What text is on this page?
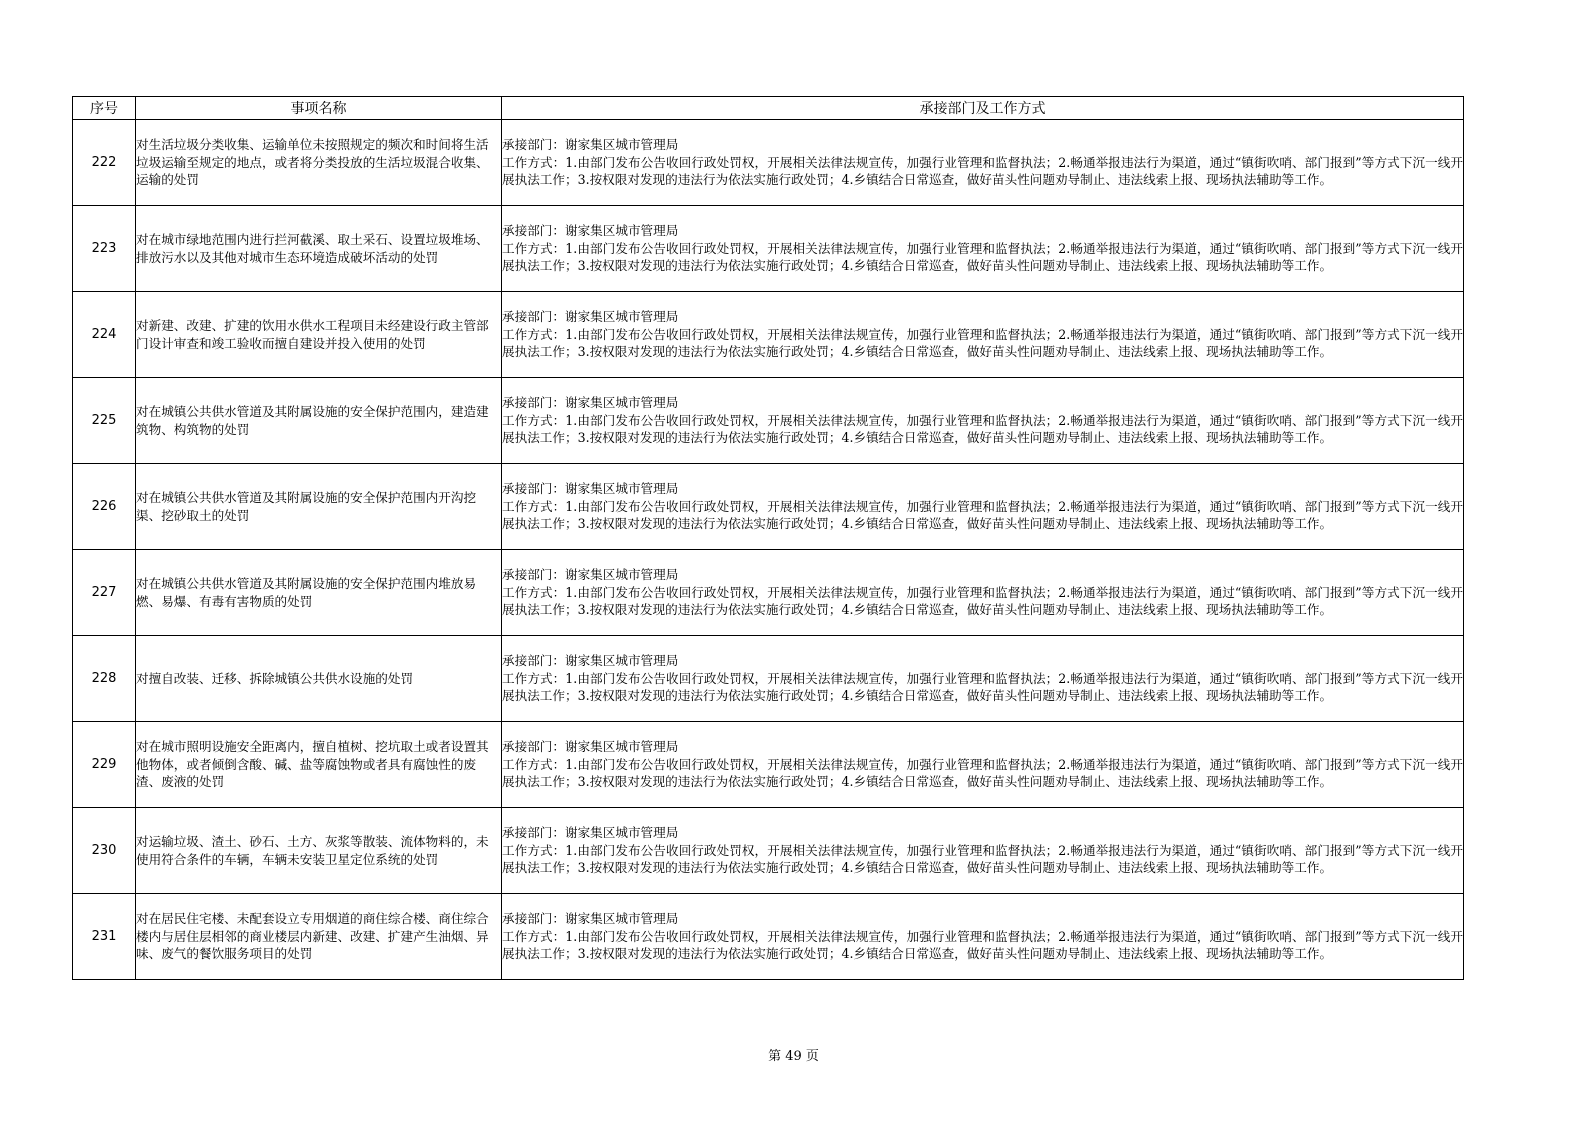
序号	事项名称	承接部门及工作方式
222	对生活垃圾分类收集、运输单位未按照规定的频次和时间将生活垃圾运输至规定的地点，或者将分类投放的生活垃圾混合收集、运输的处罚	承接部门：谢家集区城市管理局
工作方式：1.由部门发布公告收回行政处罚权，开展相关法律法规宣传，加强行业管理和监督执法；2.畅通举报违法行为渠道，通过“镇街吹哨、部门报到”等方式下沉一线开展执法工作；3.按权限对发现的违法行为依法实施行政处罚；4.乡镇结合日常巡查，做好苗头性问题劝导制止、违法线索上报、现场执法辅助等工作。

223	对在城市绿地范围内进行拦河截溪、取土采石、设置垃圾堆场、排放污水以及其他对城市生态环境造成破坏活动的处罚	承接部门：谢家集区城市管理局
工作方式：1.由部门发布公告收回行政处罚权，开展相关法律法规宣传，加强行业管理和监督执法；2.畅通举报违法行为渠道，通过“镇街吹哨、部门报到”等方式下沉一线开展执法工作；3.按权限对发现的违法行为依法实施行政处罚；4.乡镇结合日常巡查，做好苗头性问题劝导制止、违法线索上报、现场执法辅助等工作。

224	对新建、改建、扩建的饮用水供水工程项目未经建设行政主管部门设计审查和竣工验收而擅自建设并投入使用的处罚	承接部门：谢家集区城市管理局
工作方式：1.由部门发布公告收回行政处罚权，开展相关法律法规宣传，加强行业管理和监督执法；2.畅通举报违法行为渠道，通过“镇街吹哨、部门报到”等方式下沉一线开展执法工作；3.按权限对发现的违法行为依法实施行政处罚；4.乡镇结合日常巡查，做好苗头性问题劝导制止、违法线索上报、现场执法辅助等工作。

225	对在城镇公共供水管道及其附属设施的安全保护范围内，建造建筑物、构筑物的处罚	承接部门：谢家集区城市管理局
工作方式：1.由部门发布公告收回行政处罚权，开展相关法律法规宣传，加强行业管理和监督执法；2.畅通举报违法行为渠道，通过“镇街吹哨、部门报到”等方式下沉一线开展执法工作；3.按权限对发现的违法行为依法实施行政处罚；4.乡镇结合日常巡查，做好苗头性问题劝导制止、违法线索上报、现场执法辅助等工作。

226	对在城镇公共供水管道及其附属设施的安全保护范围内开沟挖渠、挖砂取土的处罚	承接部门：谢家集区城市管理局
工作方式：1.由部门发布公告收回行政处罚权，开展相关法律法规宣传，加强行业管理和监督执法；2.畅通举报违法行为渠道，通过“镇街吹哨、部门报到”等方式下沉一线开展执法工作；3.按权限对发现的违法行为依法实施行政处罚；4.乡镇结合日常巡查，做好苗头性问题劝导制止、违法线索上报、现场执法辅助等工作。

227	对在城镇公共供水管道及其附属设施的安全保护范围内堆放易燃、易爆、有毒有害物质的处罚	承接部门：谢家集区城市管理局
工作方式：1.由部门发布公告收回行政处罚权，开展相关法律法规宣传，加强行业管理和监督执法；2.畅通举报违法行为渠道，通过“镇街吹哨、部门报到”等方式下沉一线开展执法工作；3.按权限对发现的违法行为依法实施行政处罚；4.乡镇结合日常巡查，做好苗头性问题劝导制止、违法线索上报、现场执法辅助等工作。

228	对擅自改装、迁移、拆除城镇公共供水设施的处罚	承接部门：谢家集区城市管理局
工作方式：1.由部门发布公告收回行政处罚权，开展相关法律法规宣传，加强行业管理和监督执法；2.畅通举报违法行为渠道，通过“镇街吹哨、部门报到”等方式下沉一线开展执法工作；3.按权限对发现的违法行为依法实施行政处罚；4.乡镇结合日常巡查，做好苗头性问题劝导制止、违法线索上报、现场执法辅助等工作。

229	对在城市照明设施安全距离内，擅自植树、挖坑取土或者设置其他物体，或者倾倒含酸、碱、盐等腐蚀物或者具有腐蚀性的废渣、废液的处罚	承接部门：谢家集区城市管理局
工作方式：1.由部门发布公告收回行政处罚权，开展相关法律法规宣传，加强行业管理和监督执法；2.畅通举报违法行为渠道，通过“镇街吹哨、部门报到”等方式下沉一线开展执法工作；3.按权限对发现的违法行为依法实施行政处罚；4.乡镇结合日常巡查，做好苗头性问题劝导制止、违法线索上报、现场执法辅助等工作。

230	对运输垃圾、渣土、砂石、土方、灰浆等散装、流体物料的，未使用符合条件的车辆，车辆未安装卫星定位系统的处罚	承接部门：谢家集区城市管理局
工作方式：1.由部门发布公告收回行政处罚权，开展相关法律法规宣传，加强行业管理和监督执法；2.畅通举报违法行为渠道，通过“镇街吹哨、部门报到”等方式下沉一线开展执法工作；3.按权限对发现的违法行为依法实施行政处罚；4.乡镇结合日常巡查，做好苗头性问题劝导制止、违法线索上报、现场执法辅助等工作。

231	对在居民住宅楼、未配套设立专用烟道的商住综合楼、商住综合楼内与居住层相邻的商业楼层内新建、改建、扩建产生油烟、异味、废气的餐饮服务项目的处罚	承接部门：谢家集区城市管理局
工作方式：1.由部门发布公告收回行政处罚权，开展相关法律法规宣传，加强行业管理和监督执法；2.畅通举报违法行为渠道，通过“镇街吹哨、部门报到”等方式下沉一线开展执法工作；3.按权限对发现的违法行为依法实施行政处罚；4.乡镇结合日常巡查，做好苗头性问题劝导制止、违法线索上报、现场执法辅助等工作。
第 49 页
